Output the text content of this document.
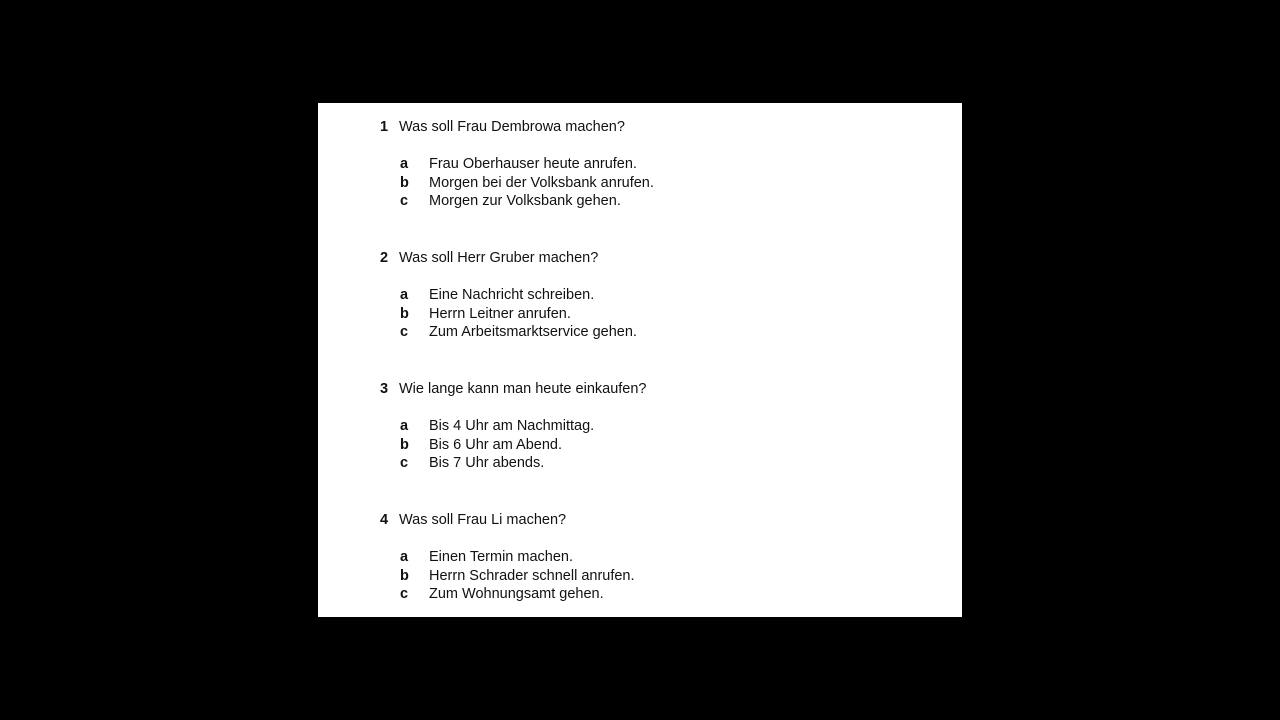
1 Was soll Frau Dembrowa machen?
a Frau Oberhauser heute anrufen.
b Morgen bei der Volksbank anrufen.
c Morgen zur Volksbank gehen.
2 Was soll Herr Gruber machen?
a Eine Nachricht schreiben.
b Herrn Leitner anrufen.
c Zum Arbeitsmarktservice gehen.
3 Wie lange kann man heute einkaufen?
a Bis 4 Uhr am Nachmittag.
b Bis 6 Uhr am Abend.
c Bis 7 Uhr abends.
4 Was soll Frau Li machen?
a Einen Termin machen.
b Herrn Schrader schnell anrufen.
c Zum Wohnungsamt gehen.
